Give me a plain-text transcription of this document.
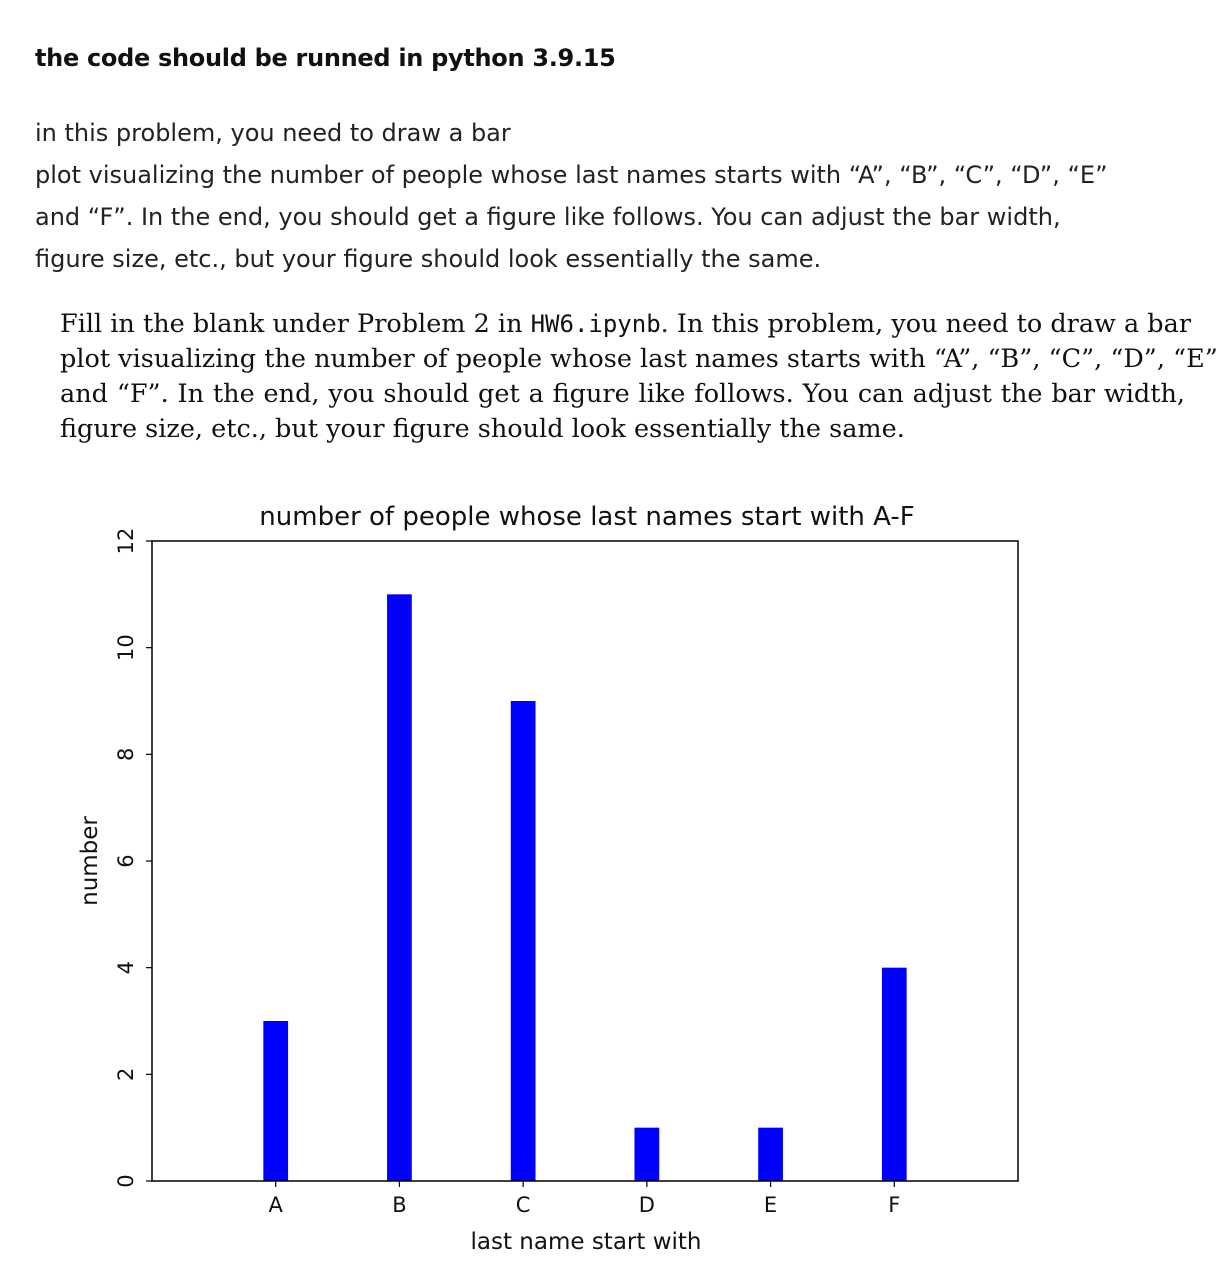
the code should be runned in python 3.9.15
in this problem, you need to draw a bar
plot visualizing the number of people whose last names starts with “A”, “B”, “C”, “D”, “E”
and “F”. In the end, you should get a figure like follows. You can adjust the bar width,
figure size, etc., but your figure should look essentially the same.
Fill in the blank under Problem 2 in HW6.ipynb. In this problem, you need to draw a bar
plot visualizing the number of people whose last names starts with “A”, “B”, “C”, “D”, “E”
and “F”. In the end, you should get a figure like follows. You can adjust the bar width,
figure size, etc., but your figure should look essentially the same.
number of people whose last names start with A-F
A	B	C	D	E	F
0
2
4
6
8
10
12
last name start with
number
